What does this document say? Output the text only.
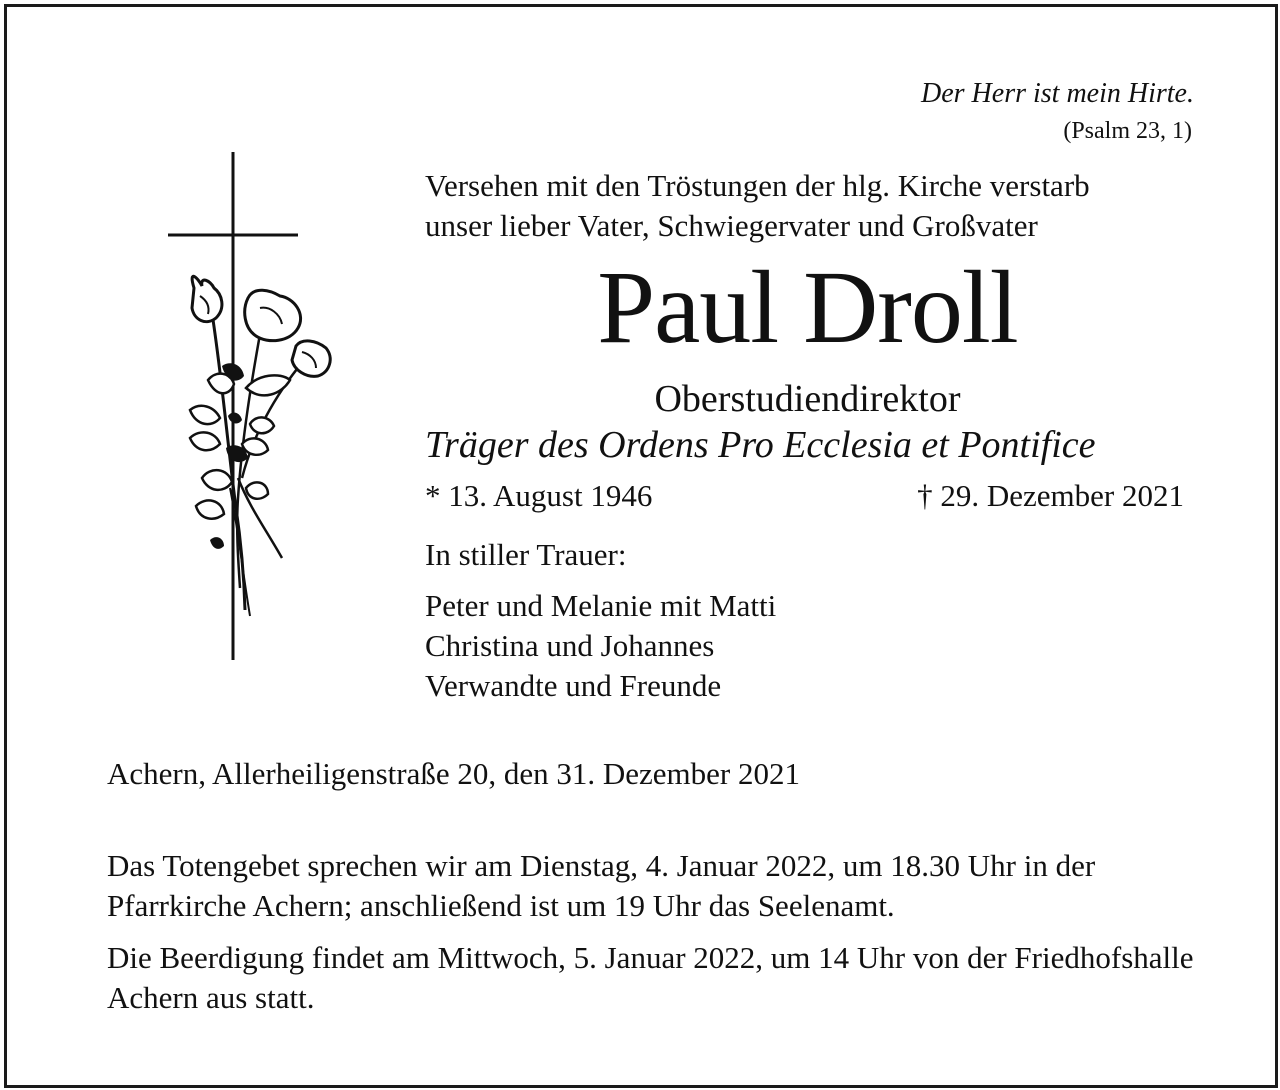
Der Herr ist mein Hirte.
(Psalm 23, 1)
Versehen mit den Tröstungen der hlg. Kirche verstarb
unser lieber Vater, Schwiegervater und Großvater
Paul Droll
Oberstudiendirektor
Träger des Ordens Pro Ecclesia et Pontifice
* 13. August 1946	† 29. Dezember 2021
In stiller Trauer:
Peter und Melanie mit Matti
Christina und Johannes
Verwandte und Freunde
Achern, Allerheiligenstraße 20, den 31. Dezember 2021
Das Totengebet sprechen wir am Dienstag, 4. Januar 2022, um 18.30 Uhr in der Pfarrkirche Achern; anschließend ist um 19 Uhr das Seelenamt.
Die Beerdigung findet am Mittwoch, 5. Januar 2022, um 14 Uhr von der Friedhofshalle Achern aus statt.
